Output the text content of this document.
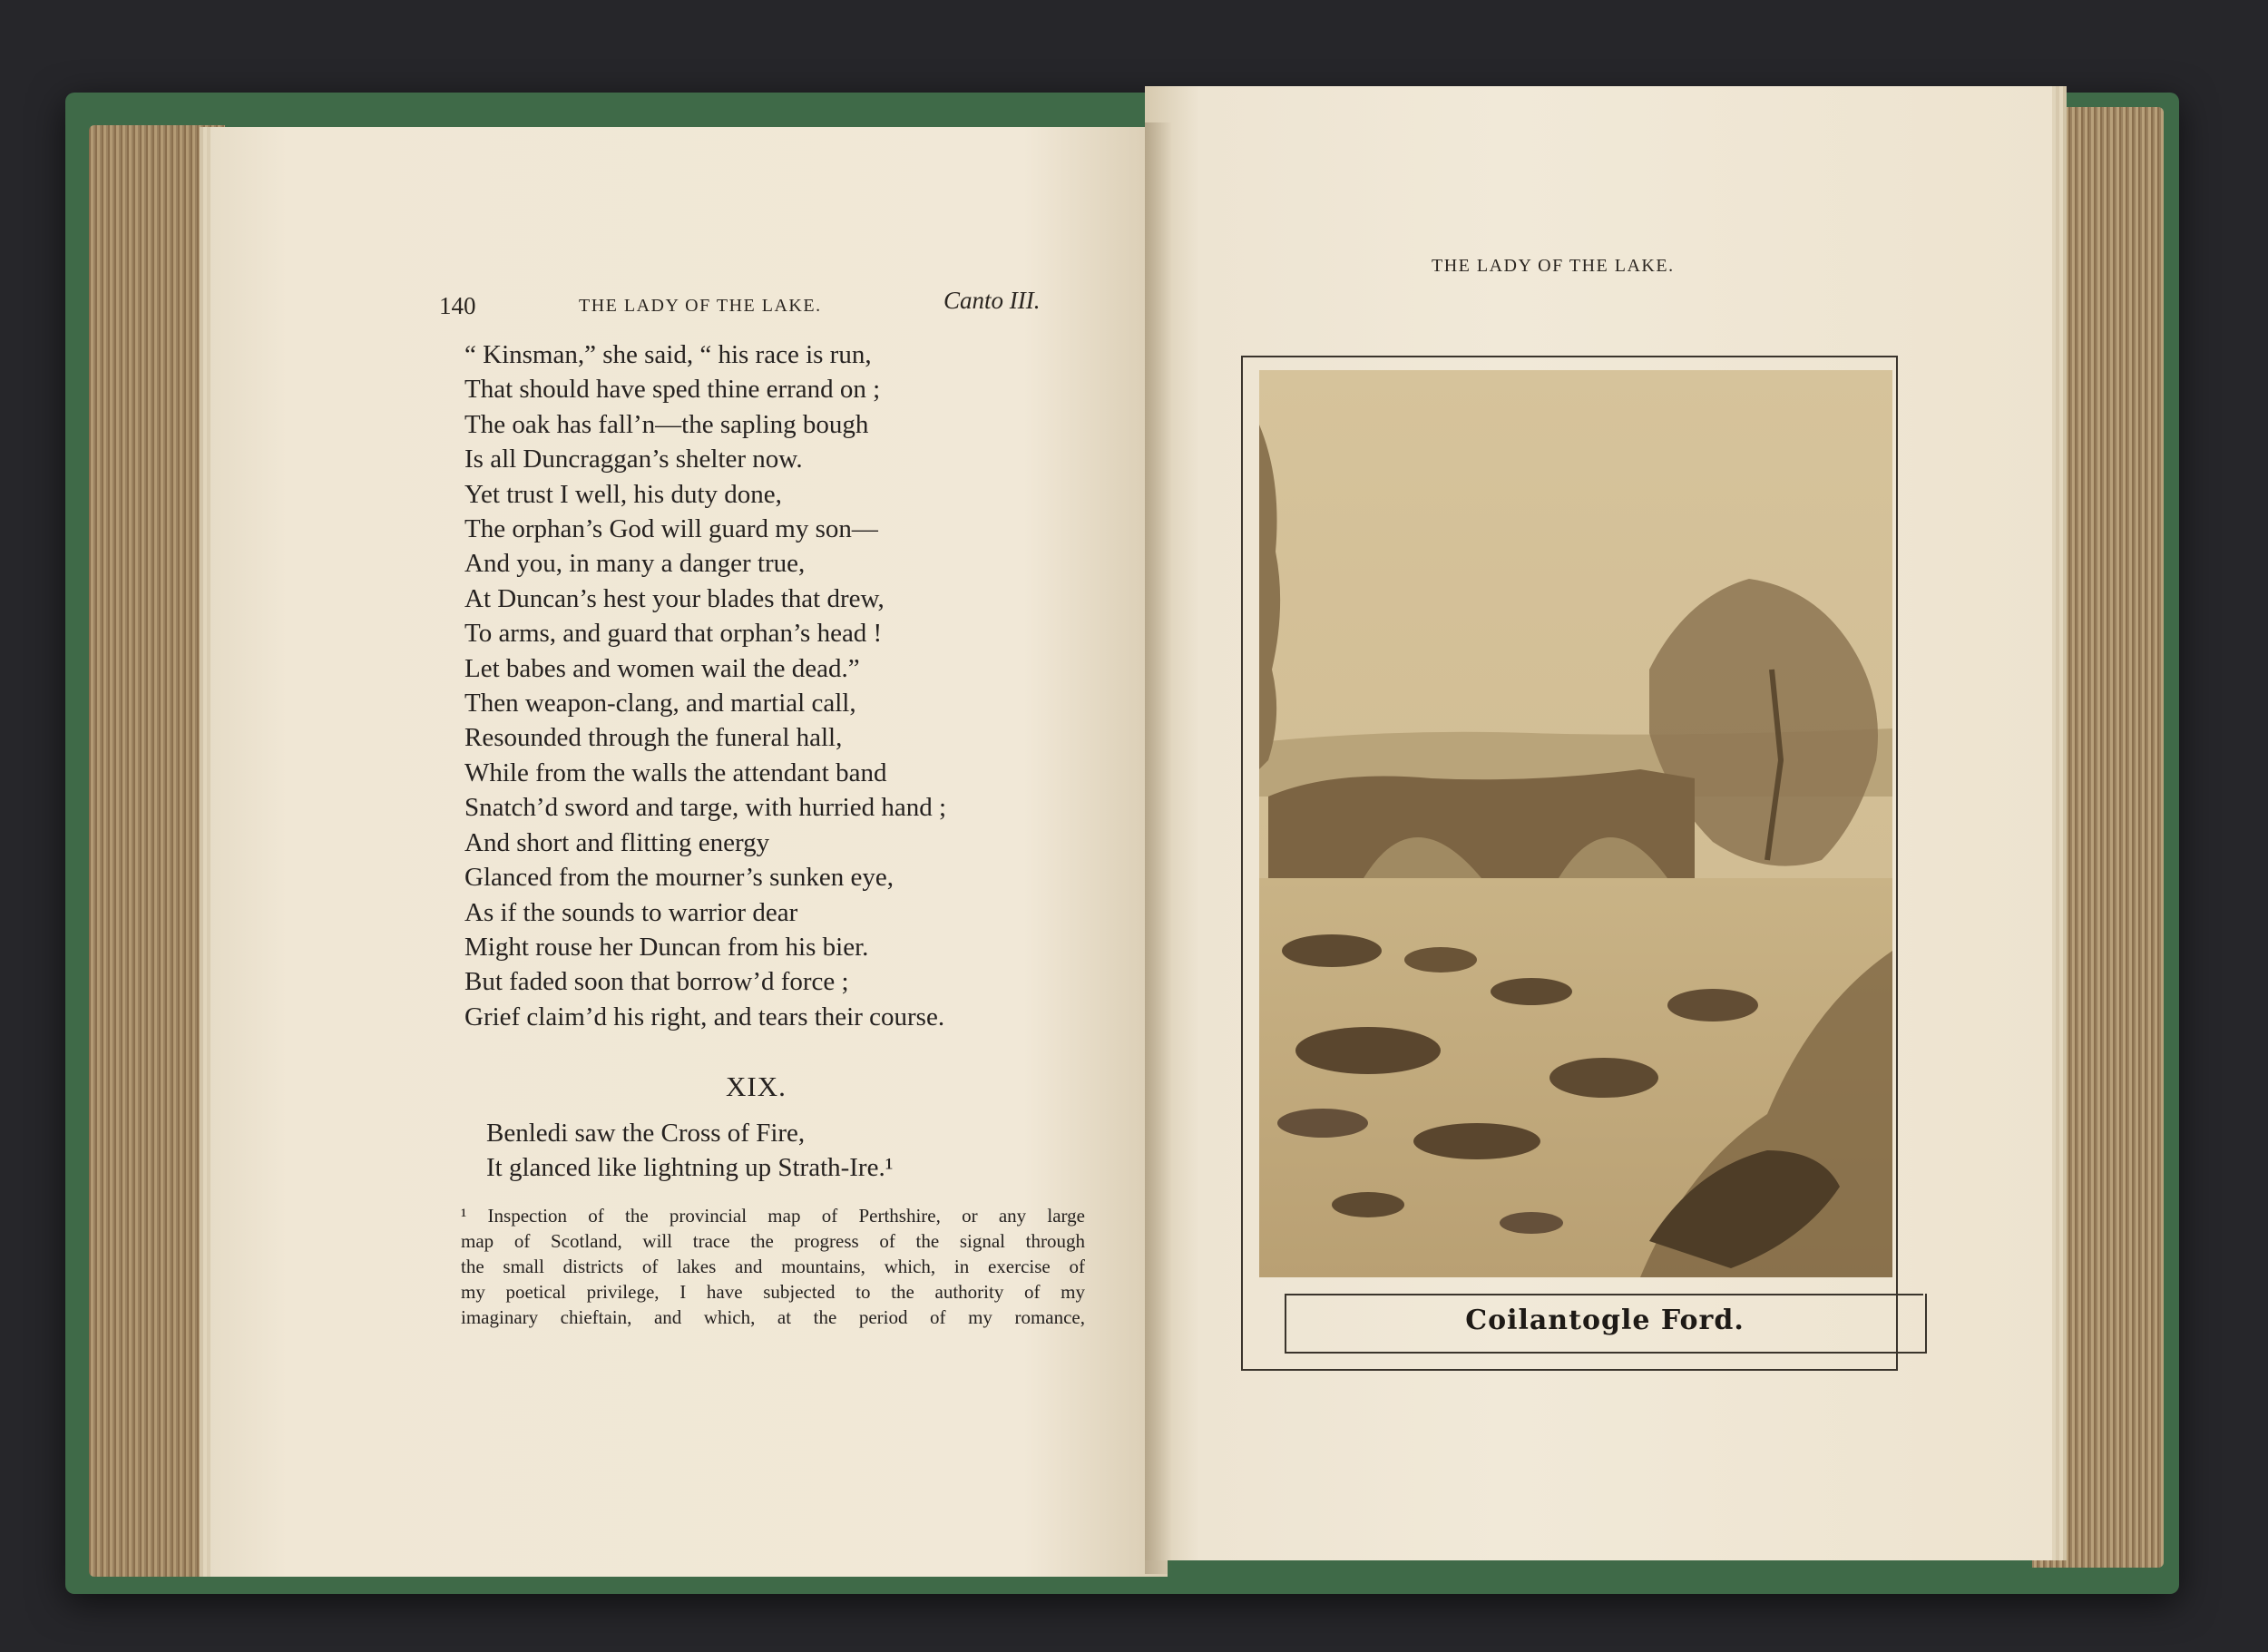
140	THE LADY OF THE LAKE.	Canto III.
“ Kinsman,” she said, “ his race is run,
That should have sped thine errand on ;
The oak has fall’n—the sapling bough
Is all Duncraggan’s shelter now.
Yet trust I well, his duty done,
The orphan’s God will guard my son—
And you, in many a danger true,
At Duncan’s hest your blades that drew,
To arms, and guard that orphan’s head !
Let babes and women wail the dead.”
Then weapon-clang, and martial call,
Resounded through the funeral hall,
While from the walls the attendant band
Snatch’d sword and targe, with hurried hand ;
And short and flitting energy
Glanced from the mourner’s sunken eye,
As if the sounds to warrior dear
Might rouse her Duncan from his bier.
But faded soon that borrow’d force ;
Grief claim’d his right, and tears their course.
XIX.
Benledi saw the Cross of Fire,
It glanced like lightning up Strath-Ire.¹
¹ Inspection of the provincial map of Perthshire, or any large
map of Scotland, will trace the progress of the signal through
the small districts of lakes and mountains, which, in exercise of
my poetical privilege, I have subjected to the authority of my
imaginary chieftain, and which, at the period of my romance,
THE LADY OF THE LAKE.
Coilantogle Ford.
